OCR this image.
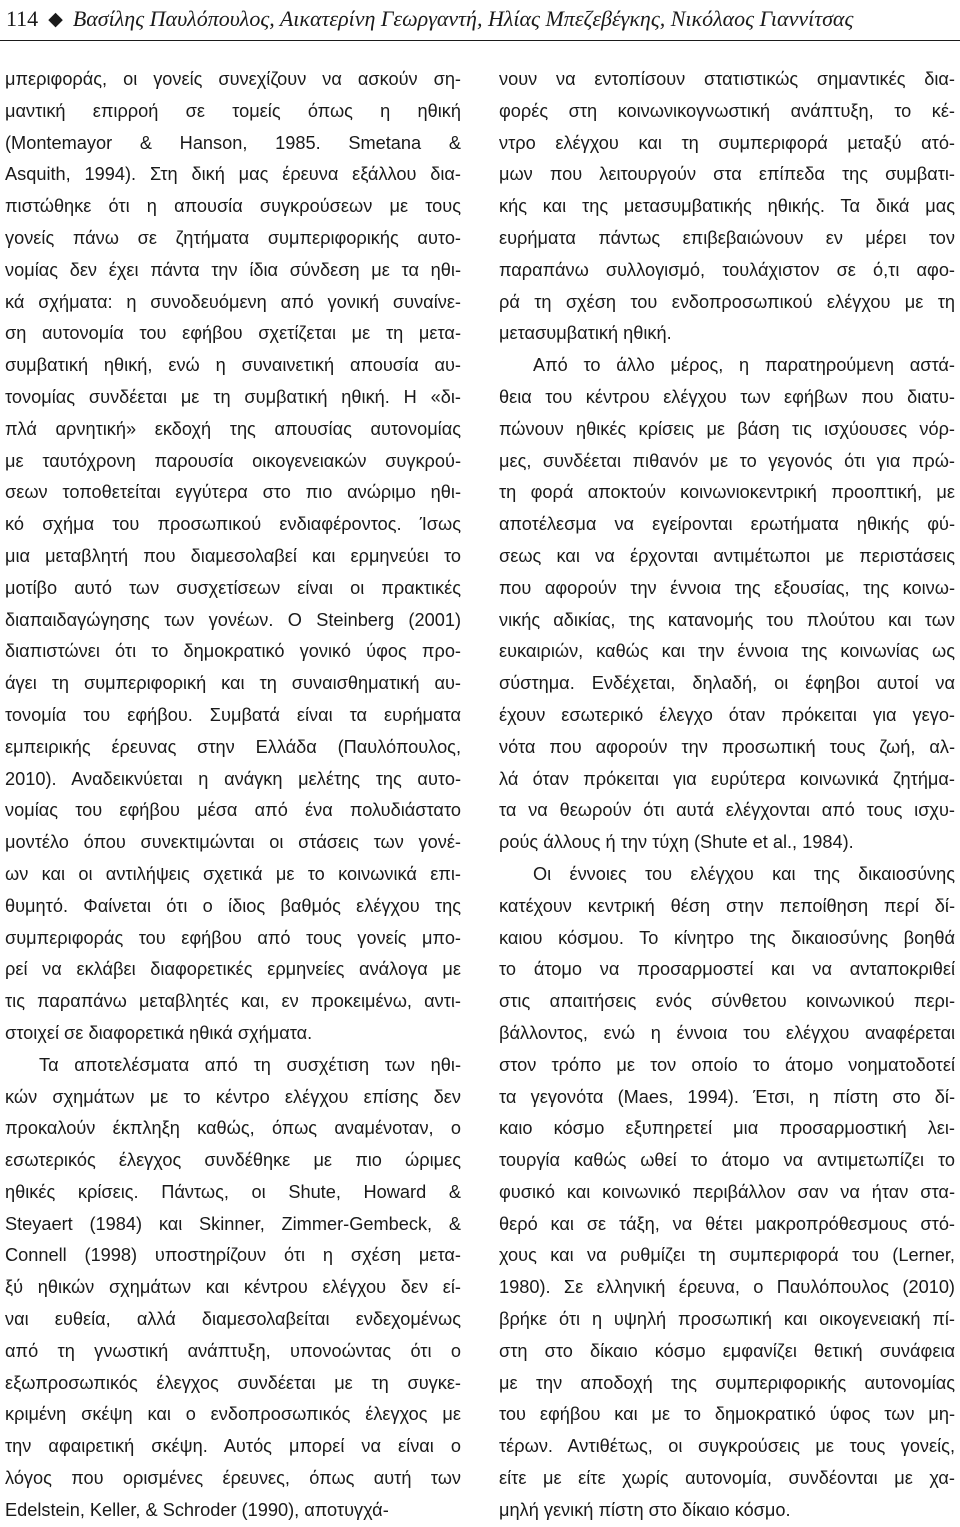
114 ◆ Βασίλης Παυλόπουλος, Αικατερίνη Γεωργαντή, Ηλίας Μπεζεβέγκης, Νικόλαος Γιαννίτσας
μπεριφοράς, οι γονείς συνεχίζουν να ασκούν ση-
μαντική επιρροή σε τομείς όπως η ηθική
(Montemayor & Hanson, 1985. Smetana &
Asquith, 1994). Στη δική μας έρευνα εξάλλου δια-
πιστώθηκε ότι η απουσία συγκρούσεων με τους
γονείς πάνω σε ζητήματα συμπεριφορικής αυτο-
νομίας δεν έχει πάντα την ίδια σύνδεση με τα ηθι-
κά σχήματα: η συνοδευόμενη από γονική συναίνε-
ση αυτονομία του εφήβου σχετίζεται με τη μετα-
συμβατική ηθική, ενώ η συναινετική απουσία αυ-
τονομίας συνδέεται με τη συμβατική ηθική. Η «δι-
πλά αρνητική» εκδοχή της απουσίας αυτονομίας
με ταυτόχρονη παρουσία οικογενειακών συγκρού-
σεων τοποθετείται εγγύτερα στο πιο ανώριμο ηθι-
κό σχήμα του προσωπικού ενδιαφέροντος. Ίσως
μια μεταβλητή που διαμεσολαβεί και ερμηνεύει το
μοτίβο αυτό των συσχετίσεων είναι οι πρακτικές
διαπαιδαγώγησης των γονέων. Ο Steinberg (2001)
διαπιστώνει ότι το δημοκρατικό γονικό ύφος προ-
άγει τη συμπεριφορική και τη συναισθηματική αυ-
τονομία του εφήβου. Συμβατά είναι τα ευρήματα
εμπειρικής έρευνας στην Ελλάδα (Παυλόπουλος,
2010). Αναδεικνύεται η ανάγκη μελέτης της αυτο-
νομίας του εφήβου μέσα από ένα πολυδιάστατο
μοντέλο όπου συνεκτιμώνται οι στάσεις των γονέ-
ων και οι αντιλήψεις σχετικά με το κοινωνικά επι-
θυμητό. Φαίνεται ότι ο ίδιος βαθμός ελέγχου της
συμπεριφοράς του εφήβου από τους γονείς μπο-
ρεί να εκλάβει διαφορετικές ερμηνείες ανάλογα με
τις παραπάνω μεταβλητές και, εν προκειμένω, αντι-
στοιχεί σε διαφορετικά ηθικά σχήματα.
Τα αποτελέσματα από τη συσχέτιση των ηθι-
κών σχημάτων με το κέντρο ελέγχου επίσης δεν
προκαλούν έκπληξη καθώς, όπως αναμένοταν, ο
εσωτερικός έλεγχος συνδέθηκε με πιο ώριμες
ηθικές κρίσεις. Πάντως, οι Shute, Howard &
Steyaert (1984) και Skinner, Zimmer-Gembeck, &
Connell (1998) υποστηρίζουν ότι η σχέση μετα-
ξύ ηθικών σχημάτων και κέντρου ελέγχου δεν εί-
ναι ευθεία, αλλά διαμεσολαβείται ενδεχομένως
από τη γνωστική ανάπτυξη, υπονοώντας ότι ο
εξωπροσωπικός έλεγχος συνδέεται με τη συγκε-
κριμένη σκέψη και ο ενδοπροσωπικός έλεγχος με
την αφαιρετική σκέψη. Αυτός μπορεί να είναι ο
λόγος που ορισμένες έρευνες, όπως αυτή των
Edelstein, Keller, & Schroder (1990), αποτυγχά-
νουν να εντοπίσουν στατιστικώς σημαντικές δια-
φορές στη κοινωνικογνωστική ανάπτυξη, το κέ-
ντρο ελέγχου και τη συμπεριφορά μεταξύ ατό-
μων που λειτουργούν στα επίπεδα της συμβατι-
κής και της μετασυμβατικής ηθικής. Τα δικά μας
ευρήματα πάντως επιβεβαιώνουν εν μέρει τον
παραπάνω συλλογισμό, τουλάχιστον σε ό,τι αφο-
ρά τη σχέση του ενδοπροσωπικού ελέγχου με τη
μετασυμβατική ηθική.
Από το άλλο μέρος, η παρατηρούμενη αστά-
θεια του κέντρου ελέγχου των εφήβων που διατυ-
πώνουν ηθικές κρίσεις με βάση τις ισχύουσες νόρ-
μες, συνδέεται πιθανόν με το γεγονός ότι για πρώ-
τη φορά αποκτούν κοινωνιοκεντρική προοπτική, με
αποτέλεσμα να εγείρονται ερωτήματα ηθικής φύ-
σεως και να έρχονται αντιμέτωποι με περιστάσεις
που αφορούν την έννοια της εξουσίας, της κοινω-
νικής αδικίας, της κατανομής του πλούτου και των
ευκαιριών, καθώς και την έννοια της κοινωνίας ως
σύστημα. Ενδέχεται, δηλαδή, οι έφηβοι αυτοί να
έχουν εσωτερικό έλεγχο όταν πρόκειται για γεγο-
νότα που αφορούν την προσωπική τους ζωή, αλ-
λά όταν πρόκειται για ευρύτερα κοινωνικά ζητήμα-
τα να θεωρούν ότι αυτά ελέγχονται από τους ισχυ-
ρούς άλλους ή την τύχη (Shute et al., 1984).
Οι έννοιες του ελέγχου και της δικαιοσύνης
κατέχουν κεντρική θέση στην πεποίθηση περί δί-
καιου κόσμου. Το κίνητρο της δικαιοσύνης βοηθά
το άτομο να προσαρμοστεί και να ανταποκριθεί
στις απαιτήσεις ενός σύνθετου κοινωνικού περι-
βάλλοντος, ενώ η έννοια του ελέγχου αναφέρεται
στον τρόπο με τον οποίο το άτομο νοηματοδοτεί
τα γεγονότα (Maes, 1994). Έτσι, η πίστη στο δί-
καιο κόσμο εξυπηρετεί μια προσαρμοστική λει-
τουργία καθώς ωθεί το άτομο να αντιμετωπίζει το
φυσικό και κοινωνικό περιβάλλον σαν να ήταν στα-
θερό και σε τάξη, να θέτει μακροπρόθεσμους στό-
χους και να ρυθμίζει τη συμπεριφορά του (Lerner,
1980). Σε ελληνική έρευνα, ο Παυλόπουλος (2010)
βρήκε ότι η υψηλή προσωπική και οικογενειακή πί-
στη στο δίκαιο κόσμο εμφανίζει θετική συνάφεια
με την αποδοχή της συμπεριφορικής αυτονομίας
του εφήβου και με το δημοκρατικό ύφος των μη-
τέρων. Αντιθέτως, οι συγκρούσεις με τους γονείς,
είτε με είτε χωρίς αυτονομία, συνδέονται με χα-
μηλή γενική πίστη στο δίκαιο κόσμο.
